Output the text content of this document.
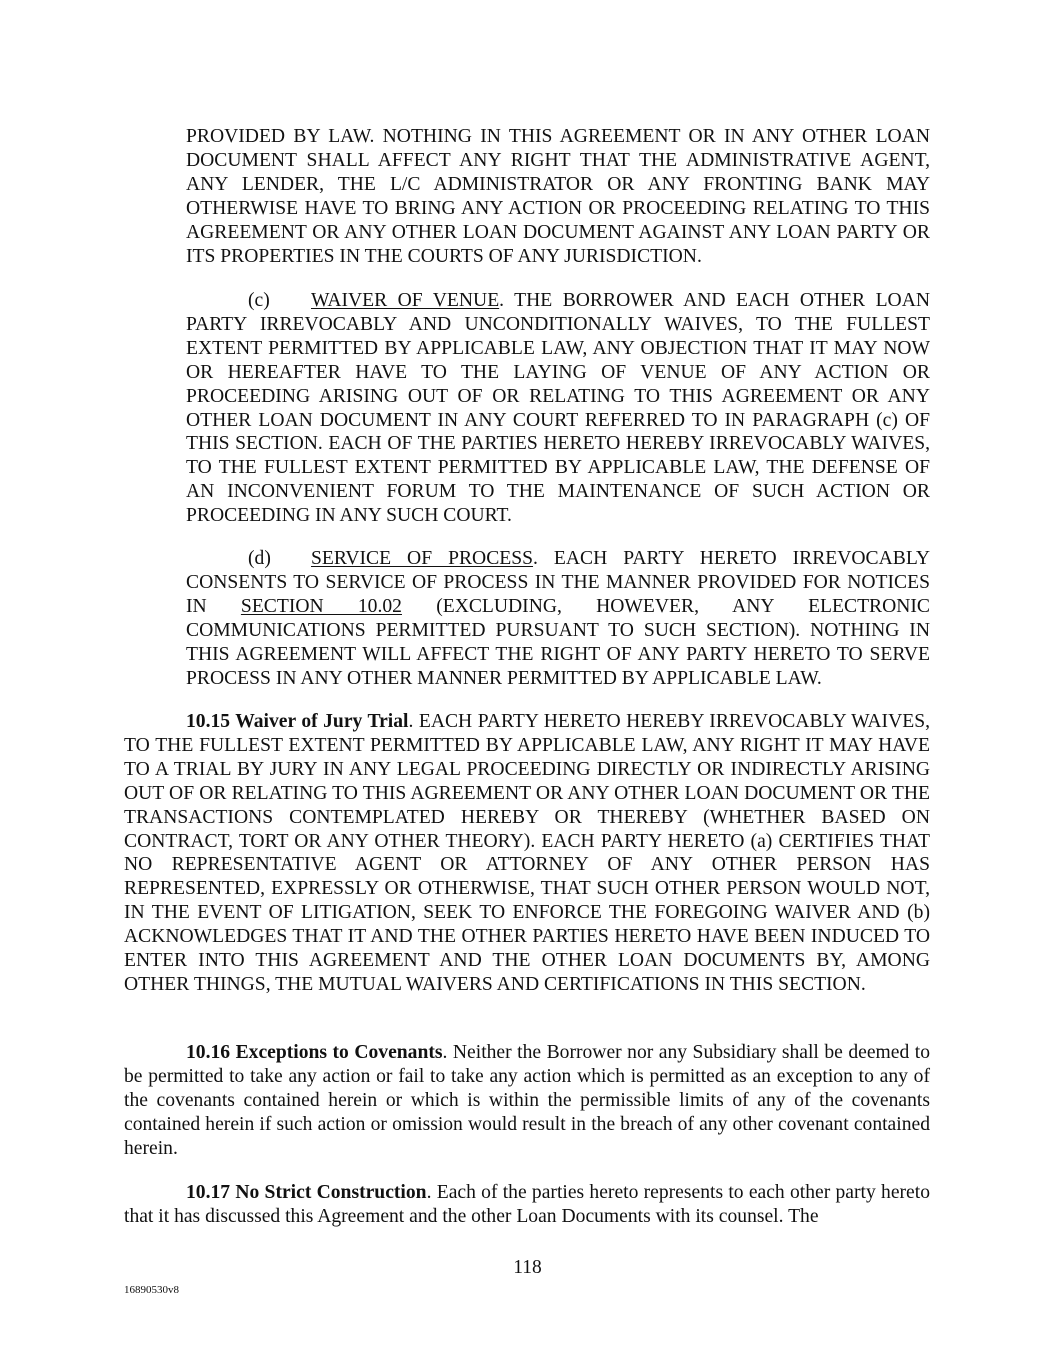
PROVIDED BY LAW. NOTHING IN THIS AGREEMENT OR IN ANY OTHER LOAN DOCUMENT SHALL AFFECT ANY RIGHT THAT THE ADMINISTRATIVE AGENT, ANY LENDER, THE L/C ADMINISTRATOR OR ANY FRONTING BANK MAY OTHERWISE HAVE TO BRING ANY ACTION OR PROCEEDING RELATING TO THIS AGREEMENT OR ANY OTHER LOAN DOCUMENT AGAINST ANY LOAN PARTY OR ITS PROPERTIES IN THE COURTS OF ANY JURISDICTION.

(c) WAIVER OF VENUE. THE BORROWER AND EACH OTHER LOAN PARTY IRREVOCABLY AND UNCONDITIONALLY WAIVES, TO THE FULLEST EXTENT PERMITTED BY APPLICABLE LAW, ANY OBJECTION THAT IT MAY NOW OR HEREAFTER HAVE TO THE LAYING OF VENUE OF ANY ACTION OR PROCEEDING ARISING OUT OF OR RELATING TO THIS AGREEMENT OR ANY OTHER LOAN DOCUMENT IN ANY COURT REFERRED TO IN PARAGRAPH (c) OF THIS SECTION. EACH OF THE PARTIES HERETO HEREBY IRREVOCABLY WAIVES, TO THE FULLEST EXTENT PERMITTED BY APPLICABLE LAW, THE DEFENSE OF AN INCONVENIENT FORUM TO THE MAINTENANCE OF SUCH ACTION OR PROCEEDING IN ANY SUCH COURT.

(d) SERVICE OF PROCESS. EACH PARTY HERETO IRREVOCABLY CONSENTS TO SERVICE OF PROCESS IN THE MANNER PROVIDED FOR NOTICES IN SECTION 10.02 (EXCLUDING, HOWEVER, ANY ELECTRONIC COMMUNICATIONS PERMITTED PURSUANT TO SUCH SECTION). NOTHING IN THIS AGREEMENT WILL AFFECT THE RIGHT OF ANY PARTY HERETO TO SERVE PROCESS IN ANY OTHER MANNER PERMITTED BY APPLICABLE LAW.

10.15 Waiver of Jury Trial. EACH PARTY HERETO HEREBY IRREVOCABLY WAIVES, TO THE FULLEST EXTENT PERMITTED BY APPLICABLE LAW, ANY RIGHT IT MAY HAVE TO A TRIAL BY JURY IN ANY LEGAL PROCEEDING DIRECTLY OR INDIRECTLY ARISING OUT OF OR RELATING TO THIS AGREEMENT OR ANY OTHER LOAN DOCUMENT OR THE TRANSACTIONS CONTEMPLATED HEREBY OR THEREBY (WHETHER BASED ON CONTRACT, TORT OR ANY OTHER THEORY). EACH PARTY HERETO (a) CERTIFIES THAT NO REPRESENTATIVE AGENT OR ATTORNEY OF ANY OTHER PERSON HAS REPRESENTED, EXPRESSLY OR OTHERWISE, THAT SUCH OTHER PERSON WOULD NOT, IN THE EVENT OF LITIGATION, SEEK TO ENFORCE THE FOREGOING WAIVER AND (b) ACKNOWLEDGES THAT IT AND THE OTHER PARTIES HERETO HAVE BEEN INDUCED TO ENTER INTO THIS AGREEMENT AND THE OTHER LOAN DOCUMENTS BY, AMONG OTHER THINGS, THE MUTUAL WAIVERS AND CERTIFICATIONS IN THIS SECTION.

10.16 Exceptions to Covenants. Neither the Borrower nor any Subsidiary shall be deemed to be permitted to take any action or fail to take any action which is permitted as an exception to any of the covenants contained herein or which is within the permissible limits of any of the covenants contained herein if such action or omission would result in the breach of any other covenant contained herein.

10.17 No Strict Construction. Each of the parties hereto represents to each other party hereto that it has discussed this Agreement and the other Loan Documents with its counsel. The

118
16890530v8
